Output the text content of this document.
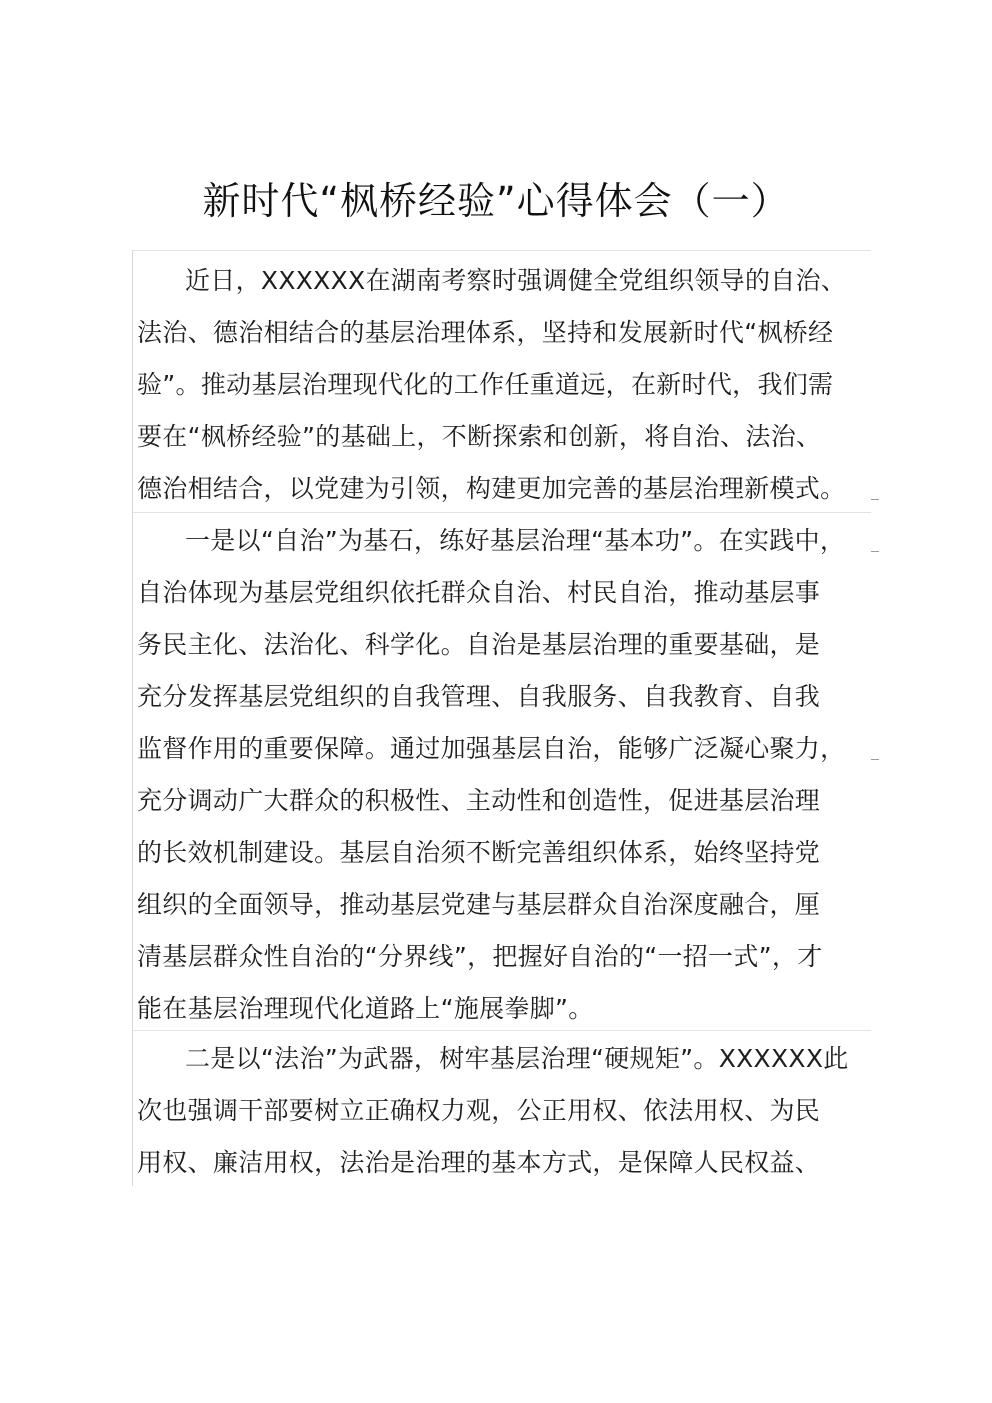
新时代“枫桥经验”心得体会（一）
近日，XXXXXX在湖南考察时强调健全党组织领导的自治、
法治、德治相结合的基层治理体系，坚持和发展新时代“枫桥经
验”。推动基层治理现代化的工作任重道远，在新时代，我们需
要在“枫桥经验”的基础上，不断探索和创新，将自治、法治、
德治相结合，以党建为引领，构建更加完善的基层治理新模式。
一是以“自治”为基石，练好基层治理“基本功”。在实践中，
自治体现为基层党组织依托群众自治、村民自治，推动基层事
务民主化、法治化、科学化。自治是基层治理的重要基础，是
充分发挥基层党组织的自我管理、自我服务、自我教育、自我
监督作用的重要保障。通过加强基层自治，能够广泛凝心聚力，
充分调动广大群众的积极性、主动性和创造性，促进基层治理
的长效机制建设。基层自治须不断完善组织体系，始终坚持党
组织的全面领导，推动基层党建与基层群众自治深度融合，厘
清基层群众性自治的“分界线”，把握好自治的“一招一式”，才
能在基层治理现代化道路上“施展拳脚”。
二是以“法治”为武器，树牢基层治理“硬规矩”。XXXXXX此
次也强调干部要树立正确权力观，公正用权、依法用权、为民
用权、廉洁用权，法治是治理的基本方式，是保障人民权益、
